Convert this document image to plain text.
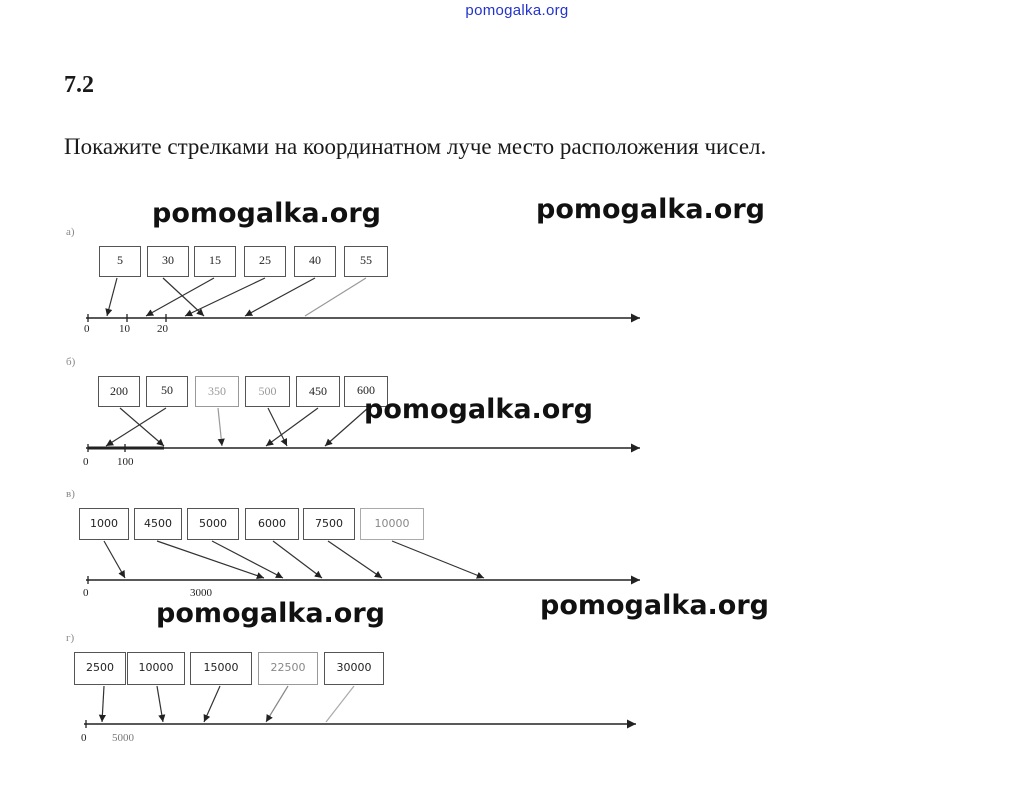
pomogalka.org
7.2
Покажите стрелками на координатном луче место расположения чисел.
а)
б)
в)
г)
5	30	15	25	40	55
0	10 20
200	50	350	500	450	600
0	100
1000	4500	5000	6000	7500	10000
0	3000
2500	10000	15000	22500	30000
0 5000
pomogalka.org	pomogalka.org
pomogalka.org
pomogalka.org	pomogalka.org
